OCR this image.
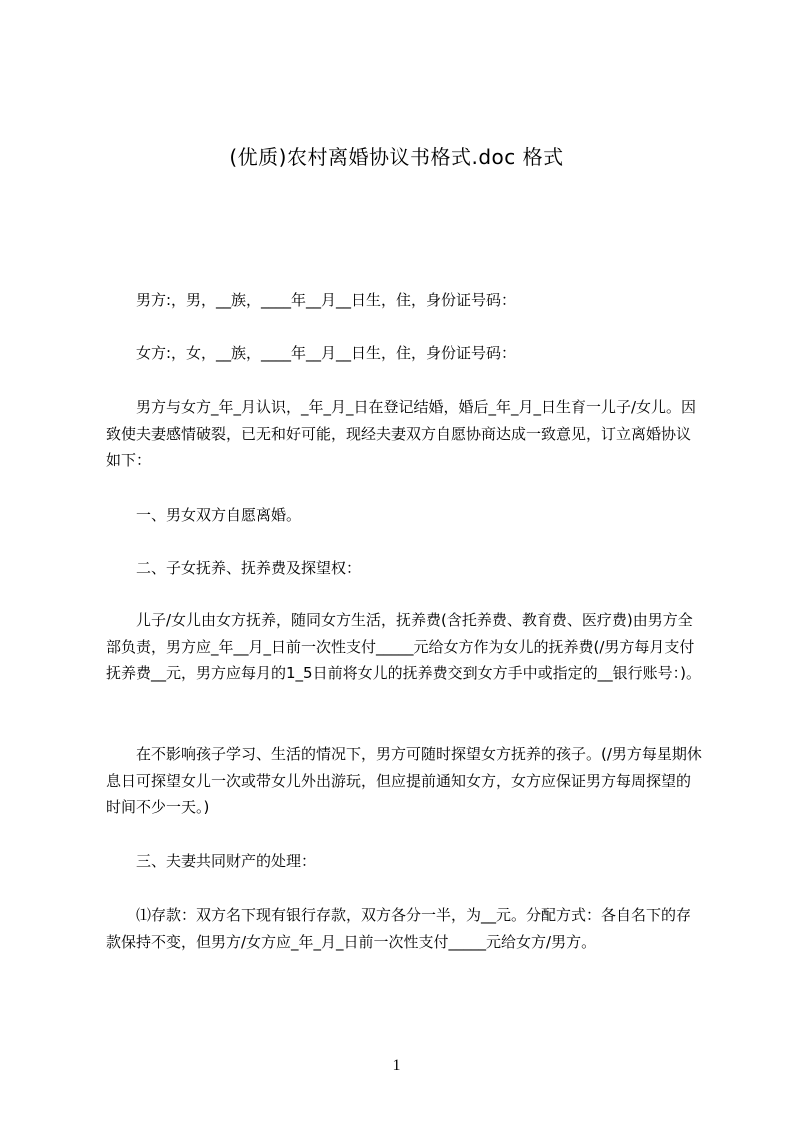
(优质)农村离婚协议书格式.doc 格式

男方:，男，__族，____年__月__日生，住，身份证号码：

女方:，女，__族，____年__月__日生，住，身份证号码：

男方与女方_年_月认识，_年_月_日在登记结婚，婚后_年_月_日生育一儿子/女儿。因致使夫妻感情破裂，已无和好可能，现经夫妻双方自愿协商达成一致意见，订立离婚协议如下：

一、男女双方自愿离婚。

二、子女抚养、抚养费及探望权：

儿子/女儿由女方抚养，随同女方生活，抚养费(含托养费、教育费、医疗费)由男方全部负责，男方应_年__月_日前一次性支付_____元给女方作为女儿的抚养费(/男方每月支付抚养费__元，男方应每月的1_5日前将女儿的抚养费交到女方手中或指定的__银行账号：)。

在不影响孩子学习、生活的情况下，男方可随时探望女方抚养的孩子。(/男方每星期休息日可探望女儿一次或带女儿外出游玩，但应提前通知女方，女方应保证男方每周探望的时间不少一天。)

三、夫妻共同财产的处理：

⑴存款：双方名下现有银行存款，双方各分一半，为__元。分配方式：各自名下的存款保持不变，但男方/女方应_年_月_日前一次性支付_____元给女方/男方。

1
